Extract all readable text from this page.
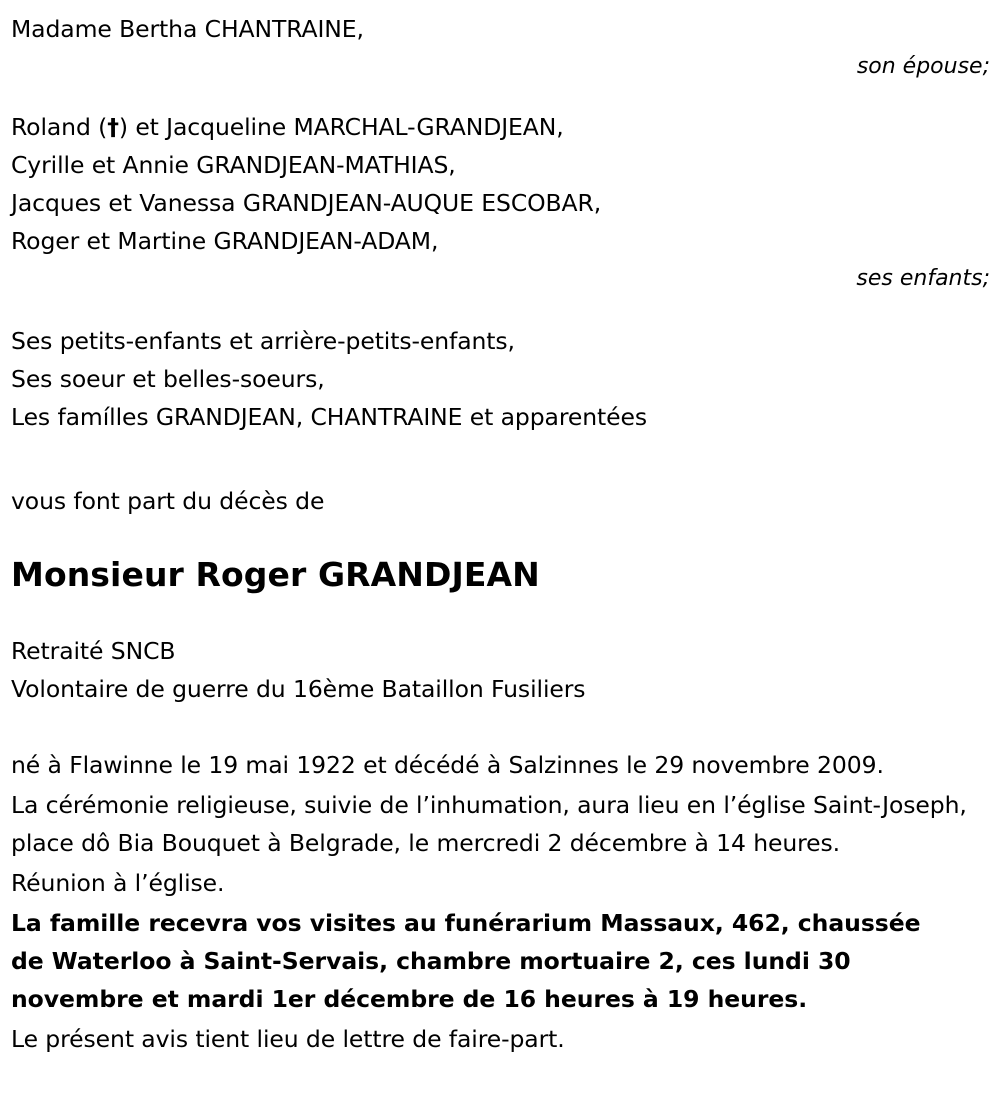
Madame Bertha CHANTRAINE,
son épouse;
Roland (†) et Jacqueline MARCHAL-GRANDJEAN,
Cyrille et Annie GRANDJEAN-MATHIAS,
Jacques et Vanessa GRANDJEAN-AUQUE ESCOBAR,
Roger et Martine GRANDJEAN-ADAM,
ses enfants;
Ses petits-enfants et arrière-petits-enfants,
Ses soeur et belles-soeurs,
Les famílles GRANDJEAN, CHANTRAINE et apparentées
vous font part du décès de
Monsieur Roger GRANDJEAN
Retraité SNCB
Volontaire de guerre du 16ème Bataillon Fusiliers
né à Flawinne le 19 mai 1922 et décédé à Salzinnes le 29 novembre 2009.
La cérémonie religieuse, suivie de l’inhumation, aura lieu en l’église Saint-Joseph, place dô Bia Bouquet à Belgrade, le mercredi 2 décembre à 14 heures.
Réunion à l’église.
La famille recevra vos visites au funérarium Massaux, 462, chaussée de Waterloo à Saint-Servais, chambre mortuaire 2, ces lundi 30 novembre et mardi 1er décembre de 16 heures à 19 heures.
Le présent avis tient lieu de lettre de faire-part.
